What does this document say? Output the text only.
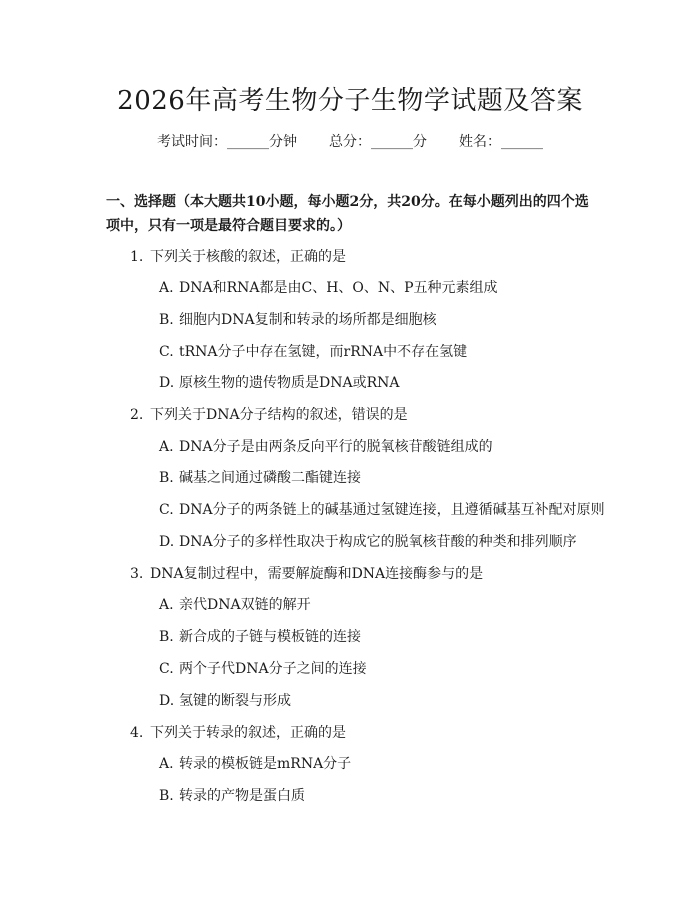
2026年高考生物分子生物学试题及答案
考试时间：______分钟 总分：______分 姓名：______
一、选择题（本大题共10小题，每小题2分，共20分。在每小题列出的四个选项中，只有一项是最符合题目要求的。）
1. 下列关于核酸的叙述，正确的是
A. DNA和RNA都是由C、H、O、N、P五种元素组成
B. 细胞内DNA复制和转录的场所都是细胞核
C. tRNA分子中存在氢键，而rRNA中不存在氢键
D. 原核生物的遗传物质是DNA或RNA
2. 下列关于DNA分子结构的叙述，错误的是
A. DNA分子是由两条反向平行的脱氧核苷酸链组成的
B. 碱基之间通过磷酸二酯键连接
C. DNA分子的两条链上的碱基通过氢键连接，且遵循碱基互补配对原则
D. DNA分子的多样性取决于构成它的脱氧核苷酸的种类和排列顺序
3. DNA复制过程中，需要解旋酶和DNA连接酶参与的是
A. 亲代DNA双链的解开
B. 新合成的子链与模板链的连接
C. 两个子代DNA分子之间的连接
D. 氢键的断裂与形成
4. 下列关于转录的叙述，正确的是
A. 转录的模板链是mRNA分子
B. 转录的产物是蛋白质
